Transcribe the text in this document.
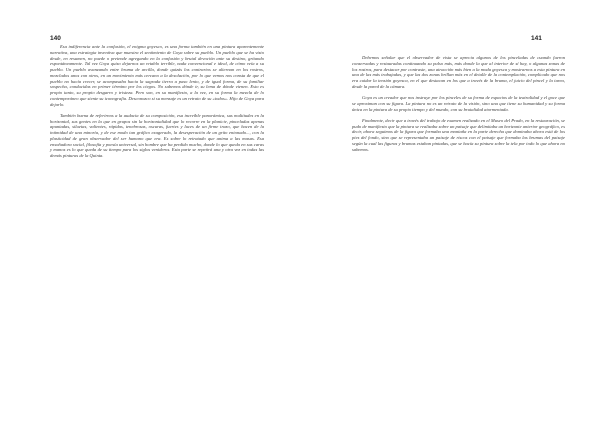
140

Esa indiferencia ante la confusión, el enigma goyesco, es una forma también en una pintura aparentemente narrativa, una estrategia inventiva que muestra el sentimiento de Goya sobre su pueblo. Un pueblo que se ha visto desde, en resumen, no puede o pretende agregando en la confusión y brutal devoción ante su destino, gritando espontáneamente. Tal vez Goya quiso dejarnos un retablo terrible, nada convencional e ideal, de cómo veía a su pueblo. Un pueblo avanzando entre bruma de arcilla, donde quizás los contrarios se alternan en los rostros, mezclados unos con otros, en un movimiento más cercano a la desolación, por lo que vemos nos consta de que el pueblo no hacía crecer, se acompasaba hacia la sagrada tierra a paso lento, y de igual forma, de su familiar sospecha, conducidas en primer término por los ciegos. No sabemos dónde ir, su lema de dónde vienen. Esto es propio tanto, su propio desgarro y tristeza. Pero son, en su manifiesto, a la vez, en su forma la mezcla de lo contemporáneo que siente su iconografía. Desconozco si su mensaje es un retrato de su «todos». Hijo de Goya para dejarlo.

También buena de referirnos a la audacia de su composición, esa increíble panorámica, sus multitudes en la horizontal, sus gentes en la que en grupos sin la horizontalidad que lo recorre en la planicie, pinceladas apenas apuntadas, siluetas, valientes, rápidas, tenebrosas, oscuras, fuertes y luces de un firme trazo, que hacen de la intimidad de una minoría, y de ese modo tan gráfico exagerado, la desesperación de un grito entonado..., con la plasticidad de gran observador del ser humano que era. Es sobre lo retratado que anima a las masas. Esa ensoñadora social, filosofía y poesía universal, sin hombre que ha perdido mucho, donde lo que queda en sus caras y manos es lo que queda de su tiempo para los siglos venideros. Esta parte se repetirá una y otra vez en todas las demás pinturas de la Quinta.

141

Debemos señalar que el observador de vista se aprecia algunos de los pinceladas de cuando fueron conservadas y restauradas continuando su pulso más, más donde la que al interior de sí hay, o algunas zonas de los rostros, para destacar por contraste, una atracción más bien a la moda goyesca y mostrarnos a esta pintura en una de las más trabajadas, y que las dos zonas brillan más en el detalle de la contemplación, complicado que nos era cuidar la tensión goyesca, en el que destacan en los que a través de la bruma, el juicio del pincel y la tarea, desde la pared de la cámara.

Goya es un creador que nos instruye por los pinceles de su forma de espacios de la teatralidad y el goce que se aproximan con su figura. La pintura no es un retrato de la visión, sino una que tiene su humanidad y su forma única en la pintura de su propio tiempo y del mundo, con su brutalidad atormentada.

Finalmente, decir que a través del trabajo de examen realizado en el Museo del Prado, en la restauración, se pudo de manifiesto que la pintura se realizaba sobre un paisaje que delimitaba un horizonte anterior geográfico, es decir, ahora seguimos de la figura que formaba una montaña en la parte derecha que dominaba ahora está de los pies del fondo, sino que se representaba un paisaje de riscos con el paisaje que formaba las brumas del paisaje según la cual las figuras y brumas estaban pintadas, que se hacía su pintura sobre la tela por todo lo que ahora no sabemos.
